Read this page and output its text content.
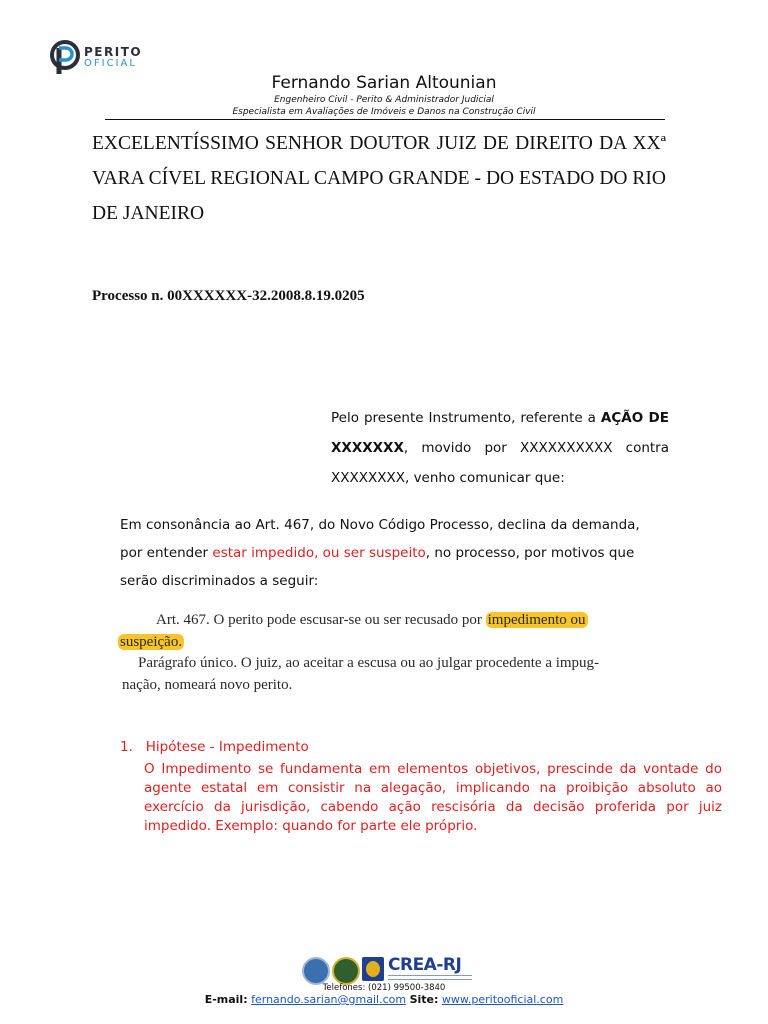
PERITO
OFICIAL
Fernando Sarian Altounian
Engenheiro Civil - Perito & Administrador Judicial
Especialista em Avaliações de Imóveis e Danos na Construção Civil
EXCELENTÍSSIMO SENHOR DOUTOR JUIZ DE DIREITO DA XXª VARA CÍVEL REGIONAL CAMPO GRANDE - DO ESTADO DO RIO DE JANEIRO
Processo n. 00XXXXXX-32.2008.8.19.0205
Pelo presente Instrumento, referente a AÇÃO DE XXXXXXX, movido por XXXXXXXXXX contra XXXXXXXX, venho comunicar que:
Em consonância ao Art. 467, do Novo Código Processo, declina da demanda, por entender estar impedido, ou ser suspeito, no processo, por motivos que serão discriminados a seguir:
Art. 467. O perito pode escusar-se ou ser recusado por impedimento ou
suspeição.
Parágrafo único. O juiz, ao aceitar a escusa ou ao julgar procedente a impug-
nação, nomeará novo perito.
1. Hipótese - Impedimento
O Impedimento se fundamenta em elementos objetivos, prescinde da vontade do agente estatal em consistir na alegação, implicando na proibição absoluto ao exercício da jurisdição, cabendo ação rescisória da decisão proferida por juiz impedido. Exemplo: quando for parte ele próprio.
CREA-RJ
Telefones: (021) 99500-3840
E-mail: fernando.sarian@gmail.com Site: www.peritooficial.com
